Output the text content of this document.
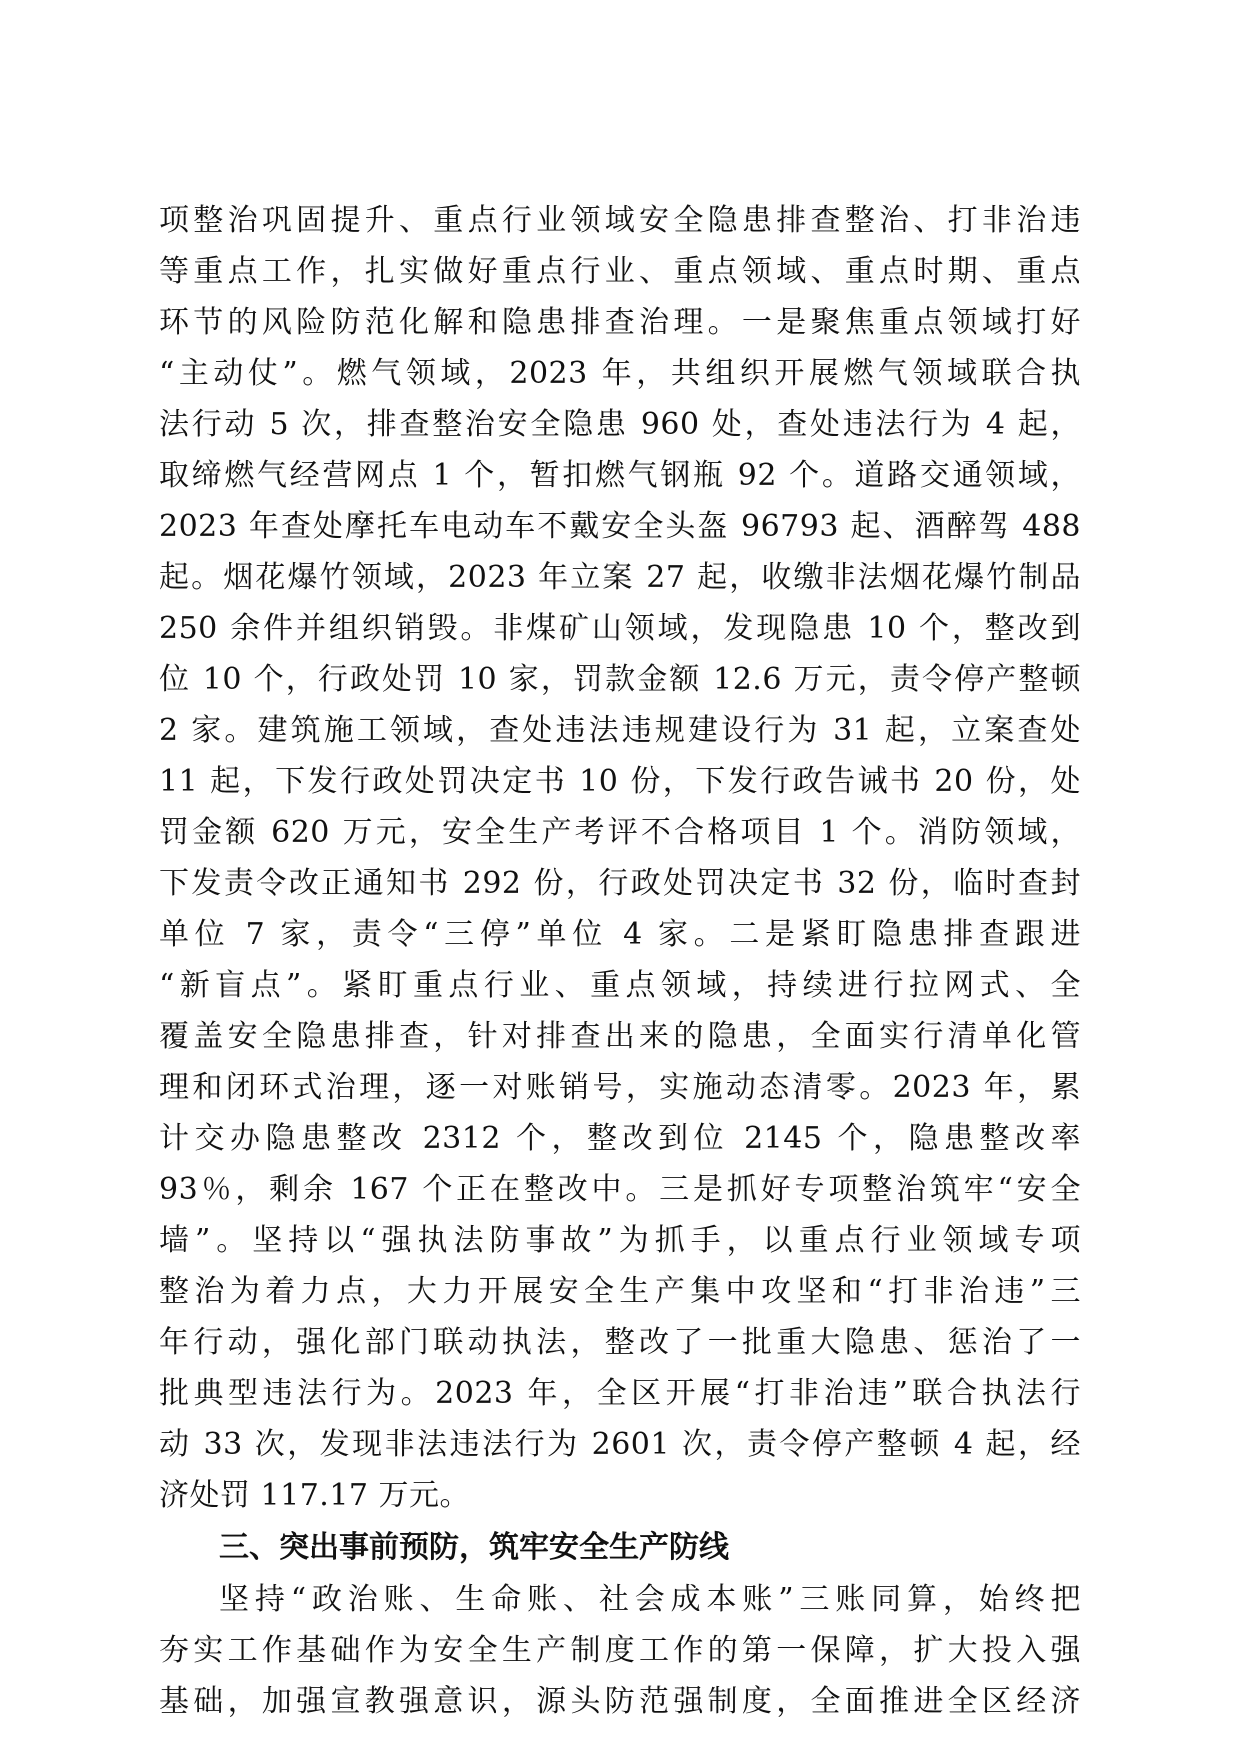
项整治巩固提升、重点行业领域安全隐患排查整治、打非治违
等重点工作，扎实做好重点行业、重点领域、重点时期、重点
环节的风险防范化解和隐患排查治理。一是聚焦重点领域打好
“主动仗”。燃气领域，2023 年，共组织开展燃气领域联合执
法行动 5 次，排查整治安全隐患 960 处，查处违法行为 4 起，
取缔燃气经营网点 1 个，暂扣燃气钢瓶 92 个。道路交通领域，
2023 年查处摩托车电动车不戴安全头盔 96793 起、酒醉驾 488
起。烟花爆竹领域，2023 年立案 27 起，收缴非法烟花爆竹制品
250 余件并组织销毁。非煤矿山领域，发现隐患 10 个，整改到
位 10 个，行政处罚 10 家，罚款金额 12.6 万元，责令停产整顿
2 家。建筑施工领域，查处违法违规建设行为 31 起，立案查处
11 起，下发行政处罚决定书 10 份，下发行政告诫书 20 份，处
罚金额 620 万元，安全生产考评不合格项目 1 个。消防领域，
下发责令改正通知书 292 份，行政处罚决定书 32 份，临时查封
单位 7 家，责令“三停”单位 4 家。二是紧盯隐患排查跟进
“新盲点”。紧盯重点行业、重点领域，持续进行拉网式、全
覆盖安全隐患排查，针对排查出来的隐患，全面实行清单化管
理和闭环式治理，逐一对账销号，实施动态清零。2023 年，累
计交办隐患整改 2312 个，整改到位 2145 个，隐患整改率
93％，剩余 167 个正在整改中。三是抓好专项整治筑牢“安全
墙”。坚持以“强执法防事故”为抓手，以重点行业领域专项
整治为着力点，大力开展安全生产集中攻坚和“打非治违”三
年行动，强化部门联动执法，整改了一批重大隐患、惩治了一
批典型违法行为。2023 年，全区开展“打非治违”联合执法行
动 33 次，发现非法违法行为 2601 次，责令停产整顿 4 起，经
济处罚 117.17 万元。
三、突出事前预防，筑牢安全生产防线
坚持“政治账、生命账、社会成本账”三账同算，始终把
夯实工作基础作为安全生产制度工作的第一保障，扩大投入强
基础，加强宣教强意识，源头防范强制度，全面推进全区经济
